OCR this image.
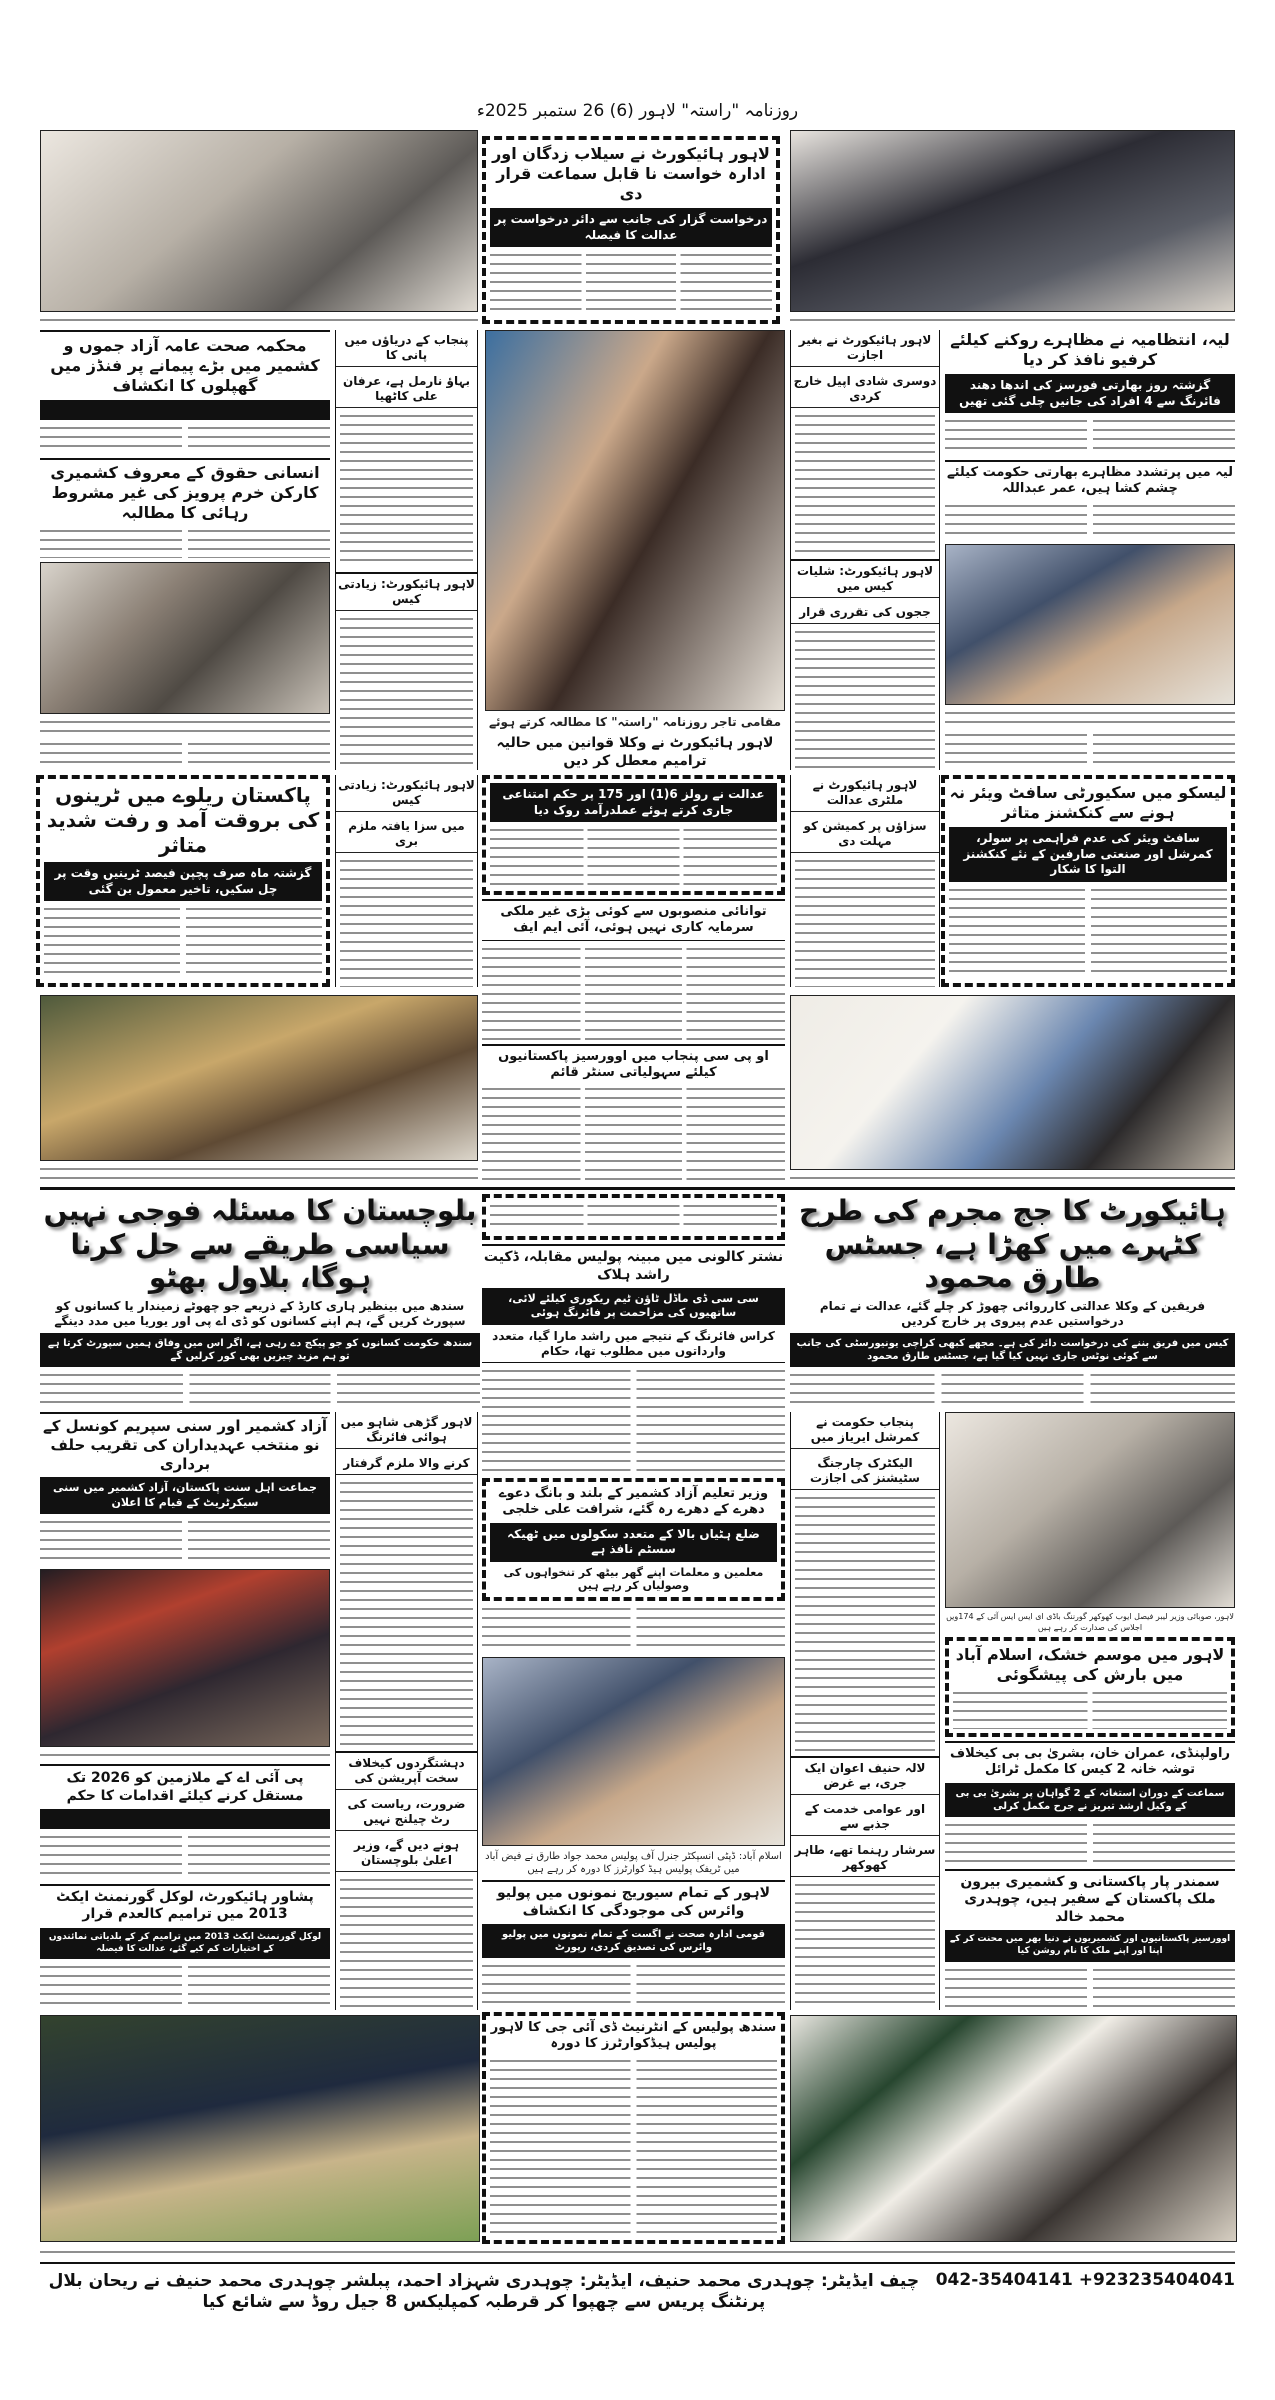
روزنامہ "راستہ" لاہور (6) 26 ستمبر 2025ء
لاہور ہائیکورٹ نے سیلاب زدگان اور ادارہ خواست نا قابل سماعت قرار دی
درخواست گزار کی جانب سے دائر درخواست پر عدالت کا فیصلہ
محکمہ صحت عامہ آزاد جموں و کشمیر میں بڑے پیمانے پر فنڈز میں گھپلوں کا انکشاف
انسانی حقوق کے معروف کشمیری کارکن خرم پرویز کی غیر مشروط رہائی کا مطالبہ
پنجاب کے دریاؤں میں پانی کا
بہاؤ نارمل ہے، عرفان علی کاٹھیا
لاہور ہائیکورٹ: زیادتی کیس
مقامی تاجر روزنامہ "راستہ" کا مطالعہ کرتے ہوئے
لاہور ہائیکورٹ نے وکلا قوانین میں حالیہ ترامیم معطل کر دیں
لاہور ہائیکورٹ نے بغیر اجازت
دوسری شادی اپیل خارج کردی
لاہور ہائیکورٹ: شلیات کیس میں
ججوں کی تقرری قرار
لیہ، انتظامیہ نے مظاہرے روکنے کیلئے کرفیو نافذ کر دیا
گزشتہ روز بھارتی فورسز کی اندھا دھند فائرنگ سے 4 افراد کی جانیں چلی گئی تھیں
لیہ میں پرتشدد مظاہرے بھارتی حکومت کیلئے چشم کشا ہیں، عمر عبداللہ
پاکستان ریلوے میں ٹرینوں کی بروقت آمد و رفت شدید متاثر
گزشتہ ماہ صرف پچپن فیصد ٹرینیں وقت پر چل سکیں، تاخیر معمول بن گئی
لاہور ہائیکورٹ: زیادتی کیس
میں سزا یافتہ ملزم بری
عدالت نے رولز 6(1) اور 175 پر حکم امتناعی جاری کرتے ہوئے عملدرآمد روک دیا
توانائی منصوبوں سے کوئی بڑی غیر ملکی سرمایہ کاری نہیں ہوئی، آئی ایم ایف
او پی سی پنجاب میں اوورسیز پاکستانیوں کیلئے سہولیاتی سنٹر قائم
لاہور ہائیکورٹ نے ملٹری عدالت
سزاؤں پر کمیشن کو مہلت دی
لیسکو میں سکیورٹی سافٹ ویئر نہ ہونے سے کنکشنز متاثر
سافٹ ویئر کی عدم فراہمی پر سولر، کمرشل اور صنعتی صارفین کے نئے کنکشنز التوا کا شکار
بلوچستان کا مسئلہ فوجی نہیں سیاسی طریقے سے حل کرنا ہوگا، بلاول بھٹو
سندھ میں بینظیر ہاری کارڈ کے ذریعے جو چھوٹے زمیندار یا کسانوں کو سپورٹ کریں گے، ہم اپنے کسانوں کو ڈی اے پی اور یوریا میں مدد دینگے
سندھ حکومت کسانوں کو جو پیکج دے رہی ہے، اگر اس میں وفاق ہمیں سپورٹ کرتا ہے تو ہم مزید چیزیں بھی کور کرلیں گے
نشتر کالونی میں مبینہ پولیس مقابلہ، ڈکیت راشد ہلاک
سی سی ڈی ماڈل ٹاؤن ٹیم ریکوری کیلئے لائی، ساتھیوں کی مزاحمت پر فائرنگ ہوئی
کراس فائرنگ کے نتیجے میں راشد مارا گیا، متعدد وارداتوں میں مطلوب تھا، حکام
ہائیکورٹ کا جج مجرم کی طرح کٹہرے میں کھڑا ہے، جسٹس طارق محمود
فریقین کے وکلا عدالتی کارروائی چھوڑ کر چلے گئے، عدالت نے تمام درخواستیں عدم پیروی پر خارج کردیں
کیس میں فریق بننے کی درخواست دائر کی ہے۔ مجھے کبھی کراچی یونیورسٹی کی جانب سے کوئی نوٹس جاری نہیں کیا گیا ہے، جسٹس طارق محمود
آزاد کشمیر اور سنی سپریم کونسل کے نو منتخب عہدیداران کی تقریب حلف برداری
جماعت اہل سنت پاکستان، آزاد کشمیر میں سنی سیکرٹریٹ کے قیام کا اعلان
پی آئی اے کے ملازمین کو 2026 تک مستقل کرنے کیلئے اقدامات کا حکم
پشاور ہائیکورٹ، لوکل گورنمنٹ ایکٹ 2013 میں ترامیم کالعدم قرار
لوکل گورنمنٹ ایکٹ 2013 میں ترامیم کر کے بلدیاتی نمائندوں کے اختیارات کم کیے گئے، عدالت کا فیصلہ
لاہور گڑھی شاہو میں ہوائی فائرنگ
کرنے والا ملزم گرفتار
دہشتگردوں کیخلاف سخت آپریشن کی
ضرورت، ریاست کی رٹ چیلنج نہیں
ہونے دیں گے، وزیر اعلیٰ بلوچستان
وزیر تعلیم آزاد کشمیر کے بلند و بانگ دعوے دھرے کے دھرے رہ گئے، شرافت علی خلجی
ضلع ہٹیاں بالا کے متعدد سکولوں میں ٹھیکہ سسٹم نافذ ہے
معلمین و معلمات اپنے گھر بیٹھ کر تنخواہوں کی وصولیاں کر رہے ہیں
اسلام آباد: ڈپٹی انسپکٹر جنرل آف پولیس محمد جواد طارق نے فیض آباد میں ٹریفک پولیس ہیڈ کوارٹرز کا دورہ کر رہے ہیں
لاہور کے تمام سیوریج نمونوں میں پولیو وائرس کی موجودگی کا انکشاف
قومی ادارہ صحت نے اگست کے تمام نمونوں میں پولیو وائرس کی تصدیق کردی، رپورٹ
پنجاب حکومت نے کمرشل ایریاز میں
الیکٹرک چارجنگ سٹیشنز کی اجازت
لالہ حنیف اعوان ایک جری، بے غرض
اور عوامی خدمت کے جذبے سے
سرشار رہنما تھے، طاہر کھوکھر
لاہور، صوبائی وزیر لیبر فیصل ایوب کھوکھر گورننگ باڈی ای ایس ایس آئی کے 174ویں اجلاس کی صدارت کر رہے ہیں
لاہور میں موسم خشک، اسلام آباد میں بارش کی پیشگوئی
راولپنڈی، عمران خان، بشریٰ بی بی کیخلاف توشہ خانہ 2 کیس کا مکمل ٹرائل
سماعت کے دوران استغاثہ کے 2 گواہان پر بشریٰ بی بی کے وکیل ارشد تبریز نے جرح مکمل کرلی
سمندر پار پاکستانی و کشمیری بیرون ملک پاکستان کے سفیر ہیں، چوہدری محمد خالد
اوورسیز پاکستانیوں اور کشمیریوں نے دنیا بھر میں محنت کر کے اپنا اور اپنے ملک کا نام روشن کیا
سندھ پولیس کے انٹرنیٹ ڈی آئی جی کا لاہور پولیس ہیڈکوارٹرز کا دورہ
چیف ایڈیٹر: چوہدری محمد حنیف، ایڈیٹر: چوہدری شہزاد احمد، پبلشر چوہدری محمد حنیف نے ریحان بلال پرنٹنگ پریس سے چھپوا کر قرطبہ کمپلیکس 8 جیل روڈ سے شائع کیا
042-35404141 +923235404041
